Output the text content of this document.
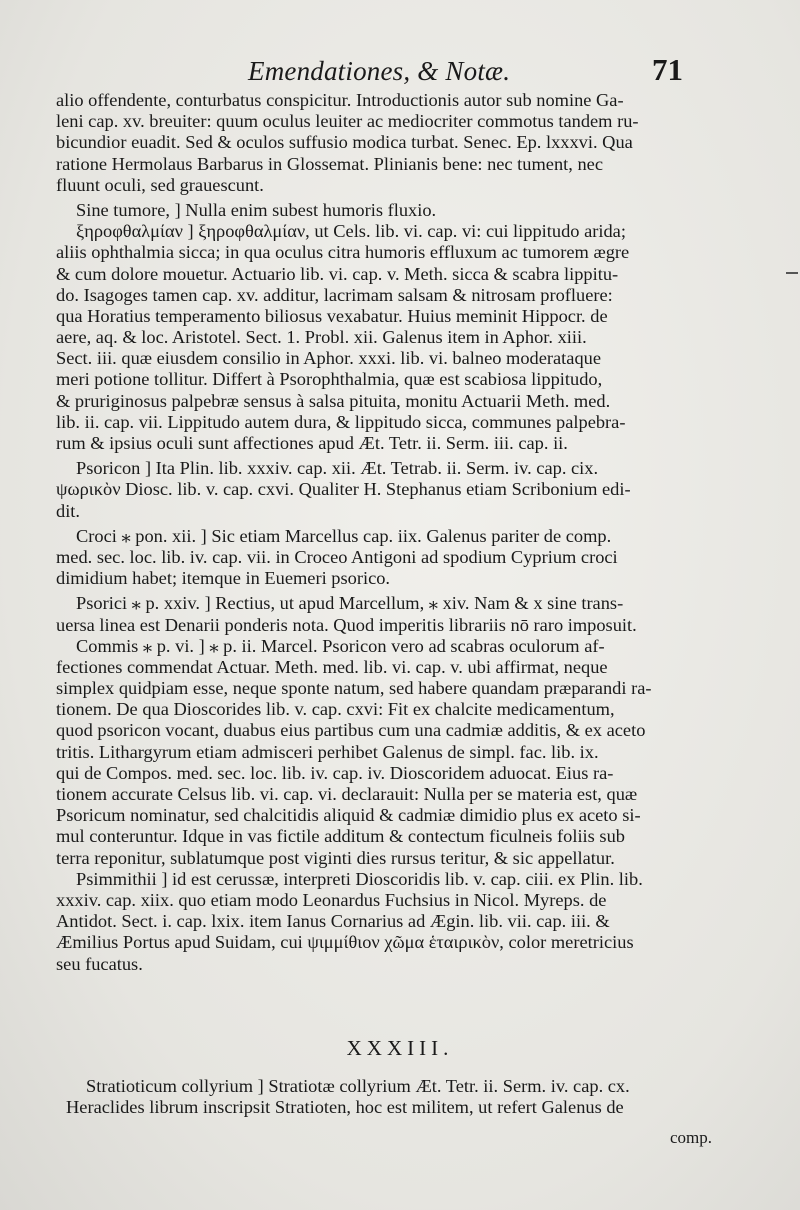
Emendationes, & Notæ.	71
alio offendente, conturbatus conspicitur. Introductionis autor sub nomine Ga-
leni cap. xv. breuiter: quum oculus leuiter ac mediocriter commotus tandem ru-
bicundior euadit. Sed & oculos suffusio modica turbat. Senec. Ep. lxxxvi. Qua
ratione Hermolaus Barbarus in Glossemat. Plinianis bene: nec tument, nec
fluunt oculi, sed grauescunt.
Sine tumore, ] Nulla enim subest humoris fluxio.
ξηροφθαλμίαν ] ξηροφθαλμίαν, ut Cels. lib. vi. cap. vi: cui lippitudo arida;
aliis ophthalmia sicca; in qua oculus citra humoris effluxum ac tumorem ægre
& cum dolore mouetur. Actuario lib. vi. cap. v. Meth. sicca & scabra lippitu-
do. Isagoges tamen cap. xv. additur, lacrimam salsam & nitrosam profluere:
qua Horatius temperamento biliosus vexabatur. Huius meminit Hippocr. de
aere, aq. & loc. Aristotel. Sect. 1. Probl. xii. Galenus item in Aphor. xiii.
Sect. iii. quæ eiusdem consilio in Aphor. xxxi. lib. vi. balneo moderataque
meri potione tollitur. Differt à Psorophthalmia, quæ est scabiosa lippitudo,
& pruriginosus palpebræ sensus à salsa pituita, monitu Actuarii Meth. med.
lib. ii. cap. vii. Lippitudo autem dura, & lippitudo sicca, communes palpebra-
rum & ipsius oculi sunt affectiones apud Æt. Tetr. ii. Serm. iii. cap. ii.
Psoricon ] Ita Plin. lib. xxxiv. cap. xii. Æt. Tetrab. ii. Serm. iv. cap. cix.
ψωρικὸν Diosc. lib. v. cap. cxvi. Qualiter H. Stephanus etiam Scribonium edi-
dit.
Croci ⁎ pon. xii. ] Sic etiam Marcellus cap. iix. Galenus pariter de comp.
med. sec. loc. lib. iv. cap. vii. in Croceo Antigoni ad spodium Cyprium croci
dimidium habet; itemque in Euemeri psorico.
Psorici ⁎ p. xxiv. ] Rectius, ut apud Marcellum, ⁎ xiv. Nam & x sine trans-
uersa linea est Denarii ponderis nota. Quod imperitis librariis nō raro imposuit.
Commis ⁎ p. vi. ] ⁎ p. ii. Marcel. Psoricon vero ad scabras oculorum af-
fectiones commendat Actuar. Meth. med. lib. vi. cap. v. ubi affirmat, neque
simplex quidpiam esse, neque sponte natum, sed habere quandam præparandi ra-
tionem. De qua Dioscorides lib. v. cap. cxvi: Fit ex chalcite medicamentum,
quod psoricon vocant, duabus eius partibus cum una cadmiæ additis, & ex aceto
tritis. Lithargyrum etiam admisceri perhibet Galenus de simpl. fac. lib. ix.
qui de Compos. med. sec. loc. lib. iv. cap. iv. Dioscoridem aduocat. Eius ra-
tionem accurate Celsus lib. vi. cap. vi. declarauit: Nulla per se materia est, quæ
Psoricum nominatur, sed chalcitidis aliquid & cadmiæ dimidio plus ex aceto si-
mul conteruntur. Idque in vas fictile additum & contectum ficulneis foliis sub
terra reponitur, sublatumque post viginti dies rursus teritur, & sic appellatur.
Psimmithii ] id est cerussæ, interpreti Dioscoridis lib. v. cap. ciii. ex Plin. lib.
xxxiv. cap. xiix. quo etiam modo Leonardus Fuchsius in Nicol. Myreps. de
Antidot. Sect. i. cap. lxix. item Ianus Cornarius ad Ægin. lib. vii. cap. iii. &
Æmilius Portus apud Suidam, cui ψιμμίθιον χῶμα ἑταιρικὸν, color meretricius
seu fucatus.
XXXIII.
Stratioticum collyrium ] Stratiotæ collyrium Æt. Tetr. ii. Serm. iv. cap. cx.
Heraclides librum inscripsit Stratioten, hoc est militem, ut refert Galenus de
comp.
